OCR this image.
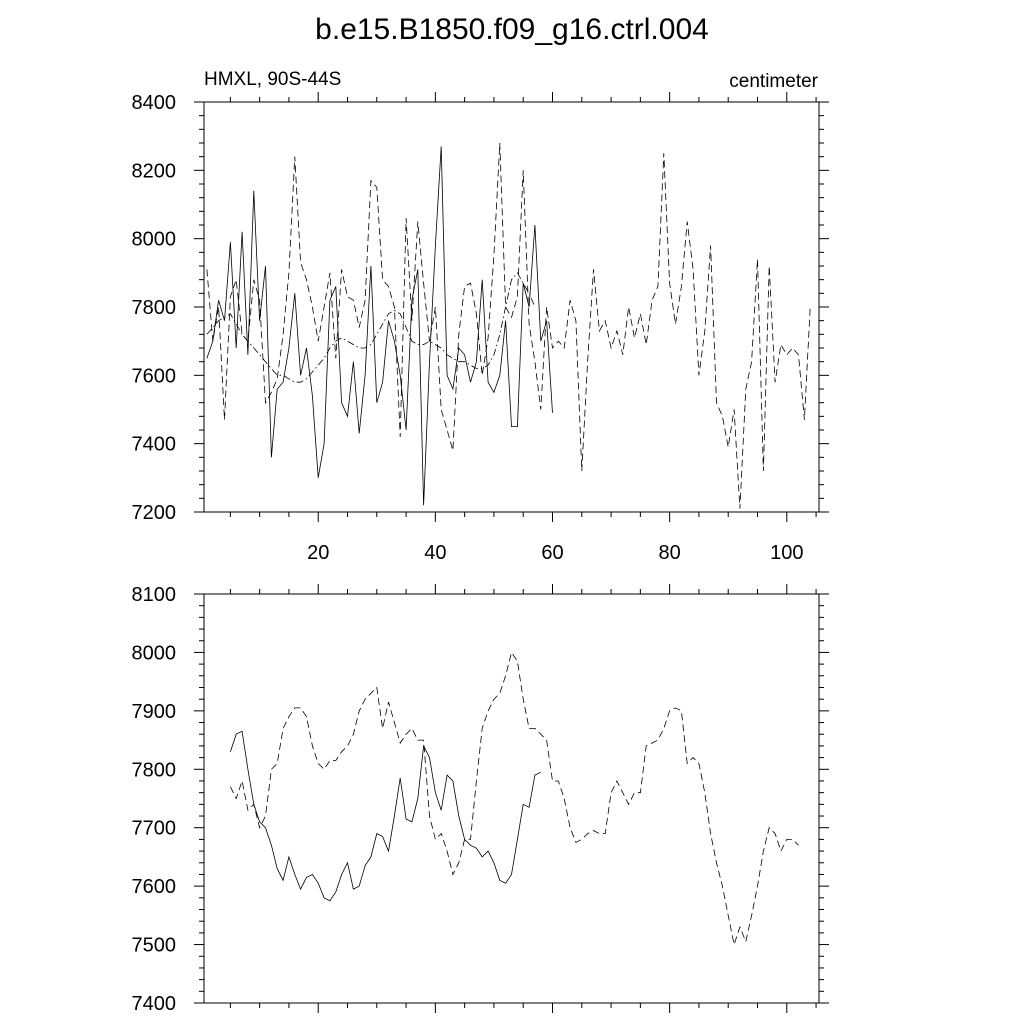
b.e15.B1850.f09_g16.ctrl.004
HMXL, 90S-44S	centimeter
7200
7400
7600
7800
8000
8200
8400
20	40	60	80	100
7400
7500
7600
7700
7800
7900
8000
8100
